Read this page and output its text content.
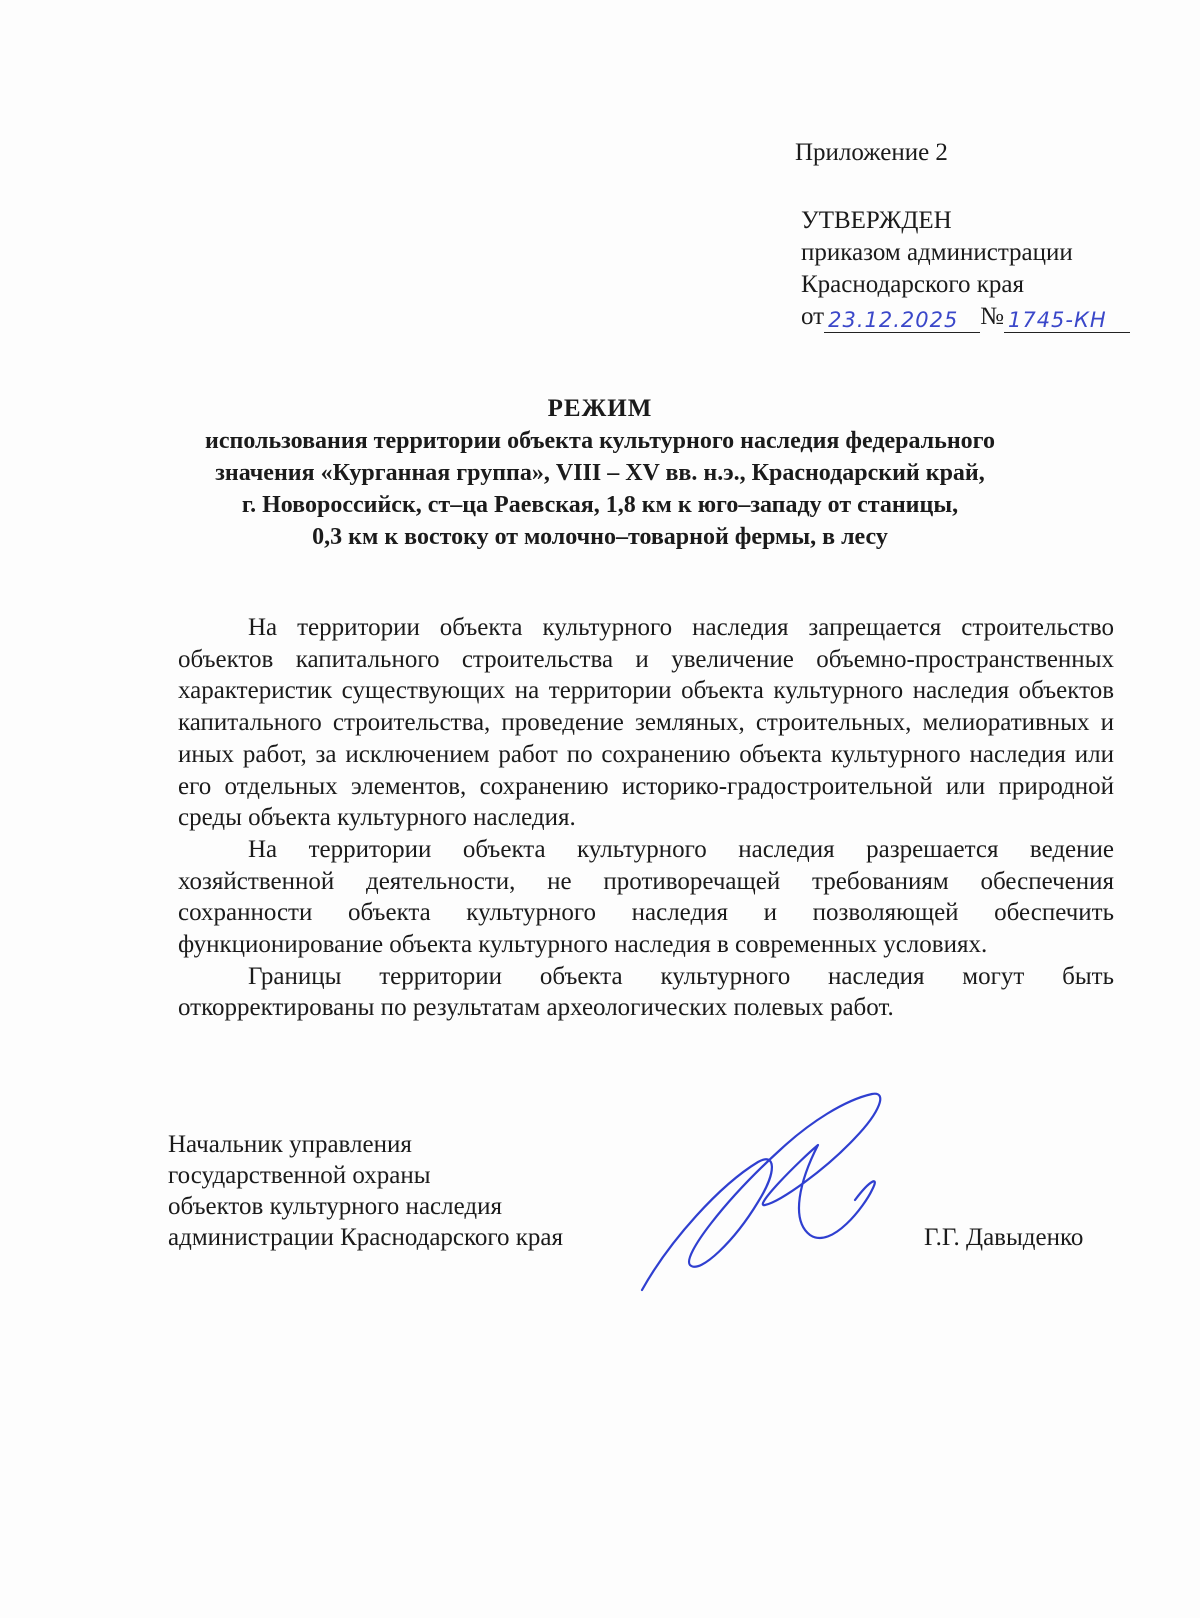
Приложение 2
УТВЕРЖДЕН
приказом администрации
Краснодарского края
от 23.12.2025 № 1745-КН
РЕЖИМ
использования территории объекта культурного наследия федерального
значения «Курганная группа», VIII – XV вв. н.э., Краснодарский край,
г. Новороссийск, ст–ца Раевская, 1,8 км к юго–западу от станицы,
0,3 км к востоку от молочно–товарной фермы, в лесу

На территории объекта культурного наследия запрещается строительство объектов капитального строительства и увеличение объемно-пространственных характеристик существующих на территории объекта культурного наследия объектов капитального строительства, проведение земляных, строительных, мелиоративных и иных работ, за исключением работ по сохранению объекта культурного наследия или его отдельных элементов, сохранению историко-градостроительной или природной среды объекта культурного наследия.

На территории объекта культурного наследия разрешается ведение хозяйственной деятельности, не противоречащей требованиям обеспечения сохранности объекта культурного наследия и позволяющей обеспечить функционирование объекта культурного наследия в современных условиях.

Границы территории объекта культурного наследия могут быть откорректированы по результатам археологических полевых работ.

Начальник управления
государственной охраны
объектов культурного наследия
администрации Краснодарского края	Г.Г. Давыденко
